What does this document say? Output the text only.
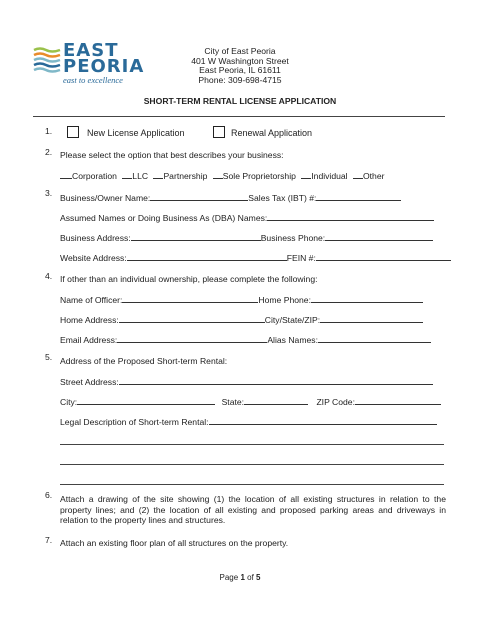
EAST
PEORIA
east to excellence
City of East Peoria
401 W Washington Street
East Peoria, IL 61611
Phone: 309-698-4715
SHORT-TERM RENTAL LICENSE APPLICATION
1.	New License Application	Renewal Application
2. Please select the option that best describes your business:
Corporation LLC Partnership Sole Proprietorship Individual Other
3. Business/Owner Name:	Sales Tax (IBT) #:
Assumed Names or Doing Business As (DBA) Names:
Business Address:	Business Phone:
Website Address:	FEIN #:
4. If other than an individual ownership, please complete the following:
Name of Officer:	Home Phone:
Home Address:	City/State/ZIP:
Email Address:	Alias Names:
5. Address of the Proposed Short-term Rental:
Street Address:
City:	State:	ZIP Code:
Legal Description of Short-term Rental:
6. Attach a drawing of the site showing (1) the location of all existing structures in relation to the property lines; and (2) the location of all existing and proposed parking areas and driveways in relation to the property lines and structures.
7. Attach an existing floor plan of all structures on the property.
Page 1 of 5
